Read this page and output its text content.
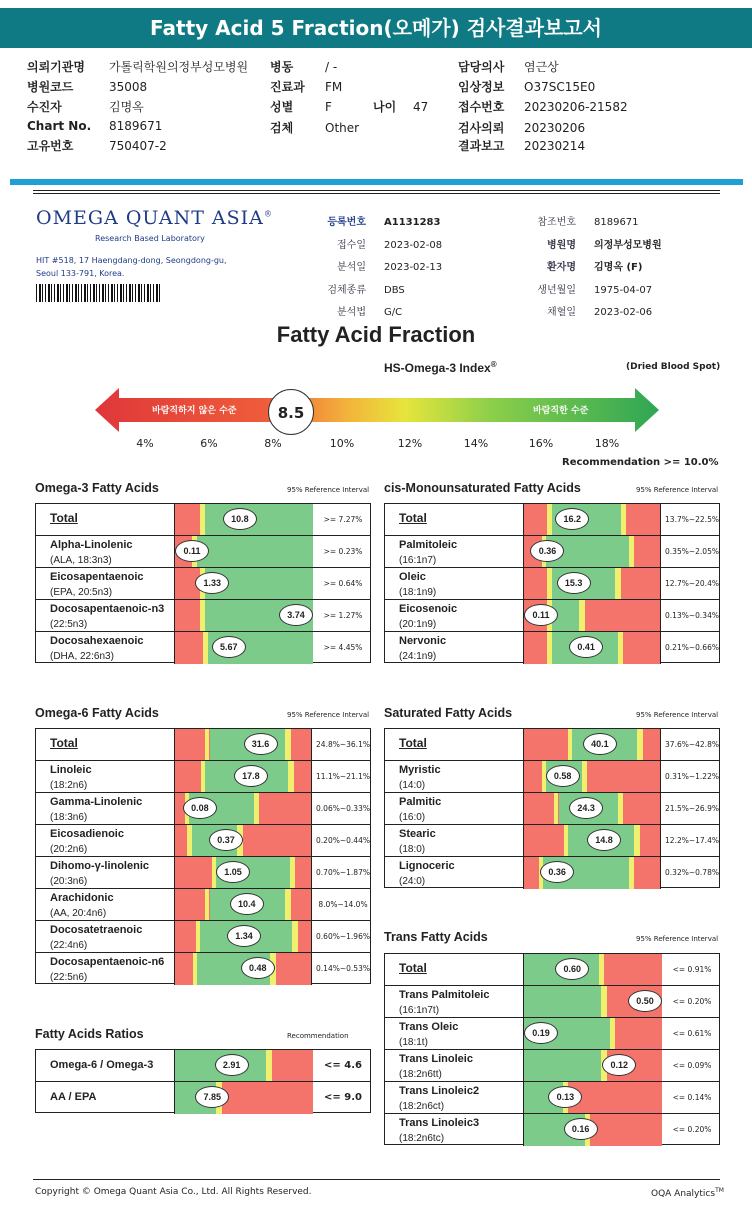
Fatty Acid 5 Fraction(오메가) 검사결과보고서
의뢰기관명 가톨릭학원의정부성모병원
병원코드	35008
수진자	김명옥
Chart No. 8189671
고유번호	750407-2
병동	/ -
진료과 FM
성별	F	나이 47
검체	Other
담당의사 염근상
임상정보 O37SC15E0
접수번호 20230206-21582
검사의뢰 20230206
결과보고 20230214
OMEGA QUANT ASIA®
Research Based Laboratory
HIT #518, 17 Haengdang-dong, Seongdong-gu,
Seoul 133-791, Korea.
등록번호 A1131283
접수일 2023-02-08
분석일 2023-02-13
검체종류 DBS
분석법 G/C
참조번호 8189671
병원명 의정부성모병원
환자명 김명옥 (F)
생년월일 1975-04-07
채혈일 2023-02-06
Fatty Acid Fraction
HS-Omega-3 Index®	(Dried Blood Spot)
바람직하지 않은 수준	바람직한 수준
8.5
4%	6%	8%	10%	12%	14%	16%	18%
Recommendation >= 10.0%
Omega-3 Fatty Acids	95% Reference Interval
Total	10.8	>= 7.27%
Alpha-Linolenic
(ALA, 18:3n3)
0.11	>= 0.23%
Eicosapentaenoic
(EPA, 20:5n3)
1.33	>= 0.64%
Docosapentaenoic-n3
(22:5n3)
3.74	>= 1.27%
Docosahexaenoic
(DHA, 22:6n3)
5.67	>= 4.45%
cis-Monounsaturated Fatty Acids	95% Reference Interval
Total	16.2	13.7%~22.5%
Palmitoleic
(16:1n7)
0.36	0.35%~2.05%
Oleic
(18:1n9)
15.3	12.7%~20.4%
Eicosenoic
(20:1n9)
0.11	0.13%~0.34%
Nervonic
(24:1n9)
0.41	0.21%~0.66%
Omega-6 Fatty Acids	95% Reference Interval
Total	31.6	24.8%~36.1%
Linoleic
(18:2n6)
17.8	11.1%~21.1%
Gamma-Linolenic
(18:3n6)
0.08	0.06%~0.33%
Eicosadienoic
(20:2n6)
0.37	0.20%~0.44%
Dihomo-γ-linolenic
(20:3n6)
1.05	0.70%~1.87%
Arachidonic
(AA, 20:4n6)
10.4	8.0%~14.0%
Docosatetraenoic
(22:4n6)
1.34	0.60%~1.96%
Docosapentaenoic-n6
(22:5n6)
0.48	0.14%~0.53%
Saturated Fatty Acids	95% Reference Interval
Total	40.1	37.6%~42.8%
Myristic
(14:0)
0.58	0.31%~1.22%
Palmitic
(16:0)
24.3	21.5%~26.9%
Stearic
(18:0)
14.8	12.2%~17.4%
Lignoceric
(24:0)
0.36	0.32%~0.78%
Trans Fatty Acids	95% Reference Interval
Total	0.60	<= 0.91%
Trans Palmitoleic
(16:1n7t)
0.50	<= 0.20%
Trans Oleic
(18:1t)
0.19	<= 0.61%
Trans Linoleic
(18:2n6tt)
0.12	<= 0.09%
Trans Linoleic2
(18:2n6ct)
0.13	<= 0.14%
Trans Linoleic3
(18:2n6tc)
0.16	<= 0.20%
Fatty Acids Ratios	Recommendation
Omega-6 / Omega-3	2.91	<= 4.6
AA / EPA	7.85	<= 9.0
Copyright © Omega Quant Asia Co., Ltd. All Rights Reserved.	OQA Analytics™
